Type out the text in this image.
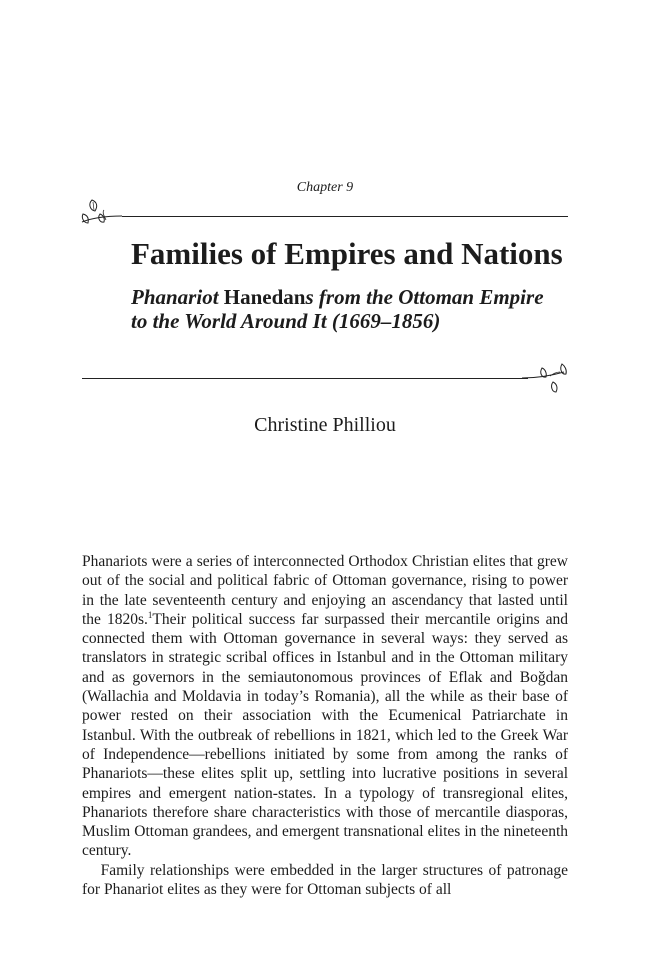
Chapter 9
Families of Empires and Nations
Phanariot Hanedans from the Ottoman Empire to the World Around It (1669–1856)
Christine Philliou

Phanariots were a series of interconnected Orthodox Christian elites that grew out of the social and political fabric of Ottoman governance, rising to power in the late seventeenth century and enjoying an ascendancy that lasted until the 1820s.$^1$Their political success far surpassed their mercantile origins and connected them with Ottoman governance in several ways: they served as translators in strategic scribal offices in Istanbul and in the Ottoman military and as governors in the semiautonomous provinces of Eflak and Boğdan (Wallachia and Moldavia in today’s Romania), all the while as their base of power rested on their association with the Ecumenical Patriarchate in Istanbul. With the outbreak of rebellions in 1821, which led to the Greek War of Independence—rebellions initiated by some from among the ranks of Phanariots—these elites split up, settling into lucrative positions in several empires and emergent nation-states. In a typology of transregional elites, Phanariots therefore share characteristics with those of mercantile diasporas, Muslim Ottoman grandees, and emergent transnational elites in the nineteenth century.

Family relationships were embedded in the larger structures of patronage for Phanariot elites as they were for Ottoman subjects of all
